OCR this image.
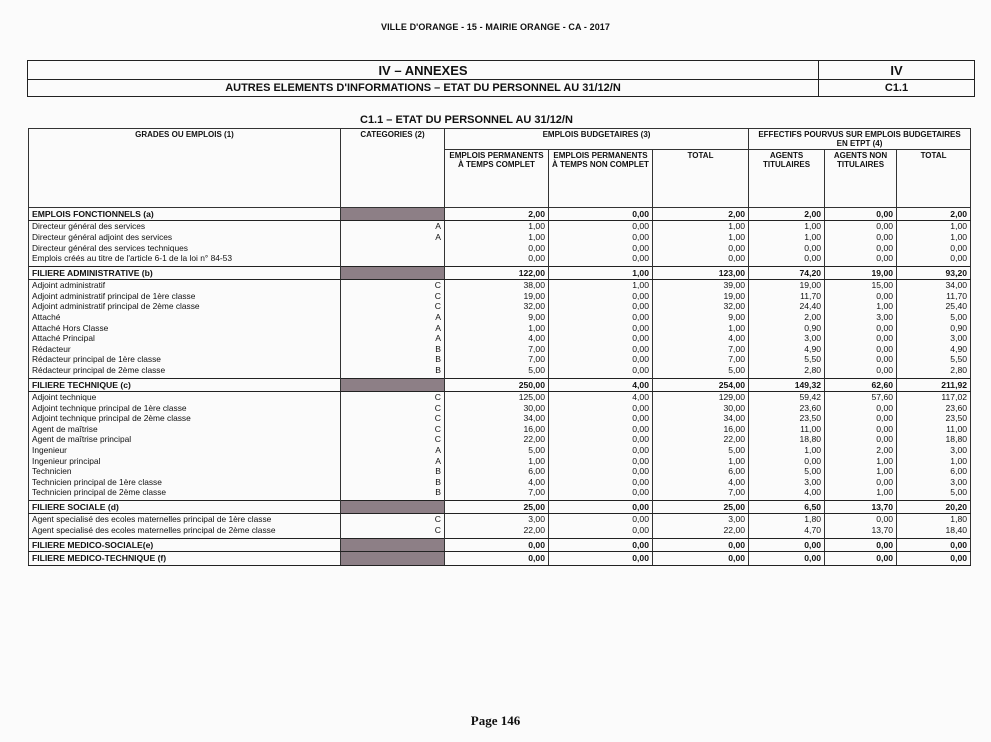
VILLE D'ORANGE - 15 - MAIRIE ORANGE - CA - 2017
IV – ANNEXES	IV
AUTRES ELEMENTS D'INFORMATIONS – ETAT DU PERSONNEL AU 31/12/N	C1.1
C1.1 – ETAT DU PERSONNEL AU 31/12/N
GRADES OU EMPLOIS (1)	CATEGORIES (2)	EMPLOIS BUDGETAIRES (3)			EFFECTIFS POURVUS SUR EMPLOIS BUDGETAIRES EN ETPT (4)		
		EMPLOIS PERMANENTS À TEMPS COMPLET	EMPLOIS PERMANENTS À TEMPS NON COMPLET	TOTAL	AGENTS TITULAIRES	AGENTS NON TITULAIRES	TOTAL
EMPLOIS FONCTIONNELS (a)		2,00	0,00	2,00	2,00	0,00	2,00
Directeur général des services	A	1,00	0,00	1,00	1,00	0,00	1,00
Directeur général adjoint des services	A	1,00	0,00	1,00	1,00	0,00	1,00
Directeur général des services techniques		0,00	0,00	0,00	0,00	0,00	0,00
Emplois créés au titre de l'article 6-1 de la loi n° 84-53		0,00	0,00	0,00	0,00	0,00	0,00

FILIERE ADMINISTRATIVE (b)		122,00	1,00	123,00	74,20	19,00	93,20
Adjoint administratif	C	38,00	1,00	39,00	19,00	15,00	34,00
Adjoint administratif principal de 1ère classe	C	19,00	0,00	19,00	11,70	0,00	11,70
Adjoint administratif principal de 2ème classe	C	32,00	0,00	32,00	24,40	1,00	25,40
Attaché	A	9,00	0,00	9,00	2,00	3,00	5,00
Attaché Hors Classe	A	1,00	0,00	1,00	0,90	0,00	0,90
Attaché Principal	A	4,00	0,00	4,00	3,00	0,00	3,00
Rédacteur	B	7,00	0,00	7,00	4,90	0,00	4,90
Rédacteur principal de 1ère classe	B	7,00	0,00	7,00	5,50	0,00	5,50
Rédacteur principal de 2ème classe	B	5,00	0,00	5,00	2,80	0,00	2,80

FILIERE TECHNIQUE (c)		250,00	4,00	254,00	149,32	62,60	211,92
Adjoint technique	C	125,00	4,00	129,00	59,42	57,60	117,02
Adjoint technique principal de 1ère classe	C	30,00	0,00	30,00	23,60	0,00	23,60
Adjoint technique principal de 2ème classe	C	34,00	0,00	34,00	23,50	0,00	23,50
Agent de maîtrise	C	16,00	0,00	16,00	11,00	0,00	11,00
Agent de maîtrise principal	C	22,00	0,00	22,00	18,80	0,00	18,80
Ingenieur	A	5,00	0,00	5,00	1,00	2,00	3,00
Ingenieur principal	A	1,00	0,00	1,00	0,00	1,00	1,00
Technicien	B	6,00	0,00	6,00	5,00	1,00	6,00
Technicien principal de 1ère classe	B	4,00	0,00	4,00	3,00	0,00	3,00
Technicien principal de 2ème classe	B	7,00	0,00	7,00	4,00	1,00	5,00

FILIERE SOCIALE (d)		25,00	0,00	25,00	6,50	13,70	20,20
Agent specialisé des ecoles maternelles principal de 1ère classe	C	3,00	0,00	3,00	1,80	0,00	1,80
Agent specialisé des ecoles maternelles principal de 2ème classe	C	22,00	0,00	22,00	4,70	13,70	18,40

FILIERE MEDICO-SOCIALE(e)		0,00	0,00	0,00	0,00	0,00	0,00
FILIERE MEDICO-TECHNIQUE (f)		0,00	0,00	0,00	0,00	0,00	0,00
Page 146
